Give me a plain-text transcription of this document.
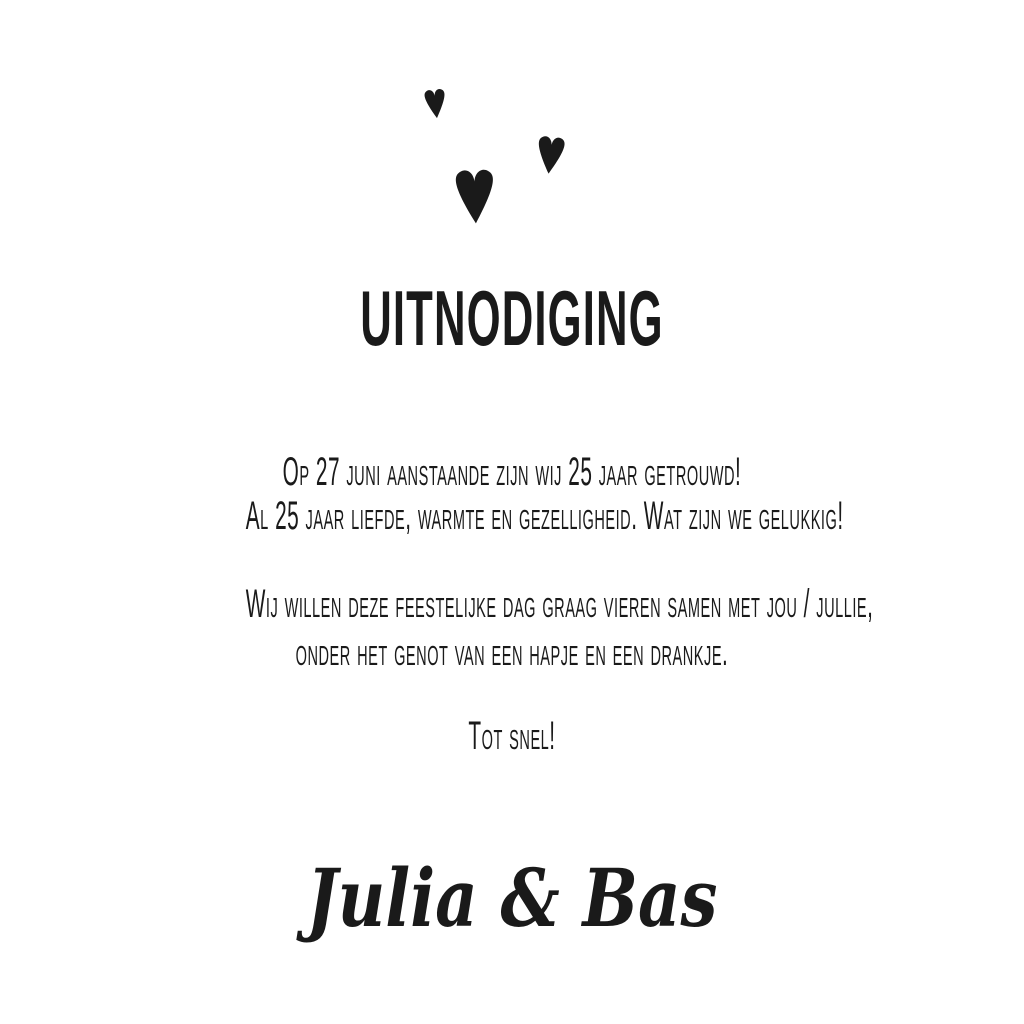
UITNODIGING

Op 27 juni aanstaande zijn wij 25 jaar getrouwd!

Al 25 jaar liefde, warmte en gezelligheid. Wat zijn we gelukkig!

Wij willen deze feestelijke dag graag vieren samen met jou / jullie,

onder het genot van een hapje en een drankje.

Tot snel!

Julia & Bas
